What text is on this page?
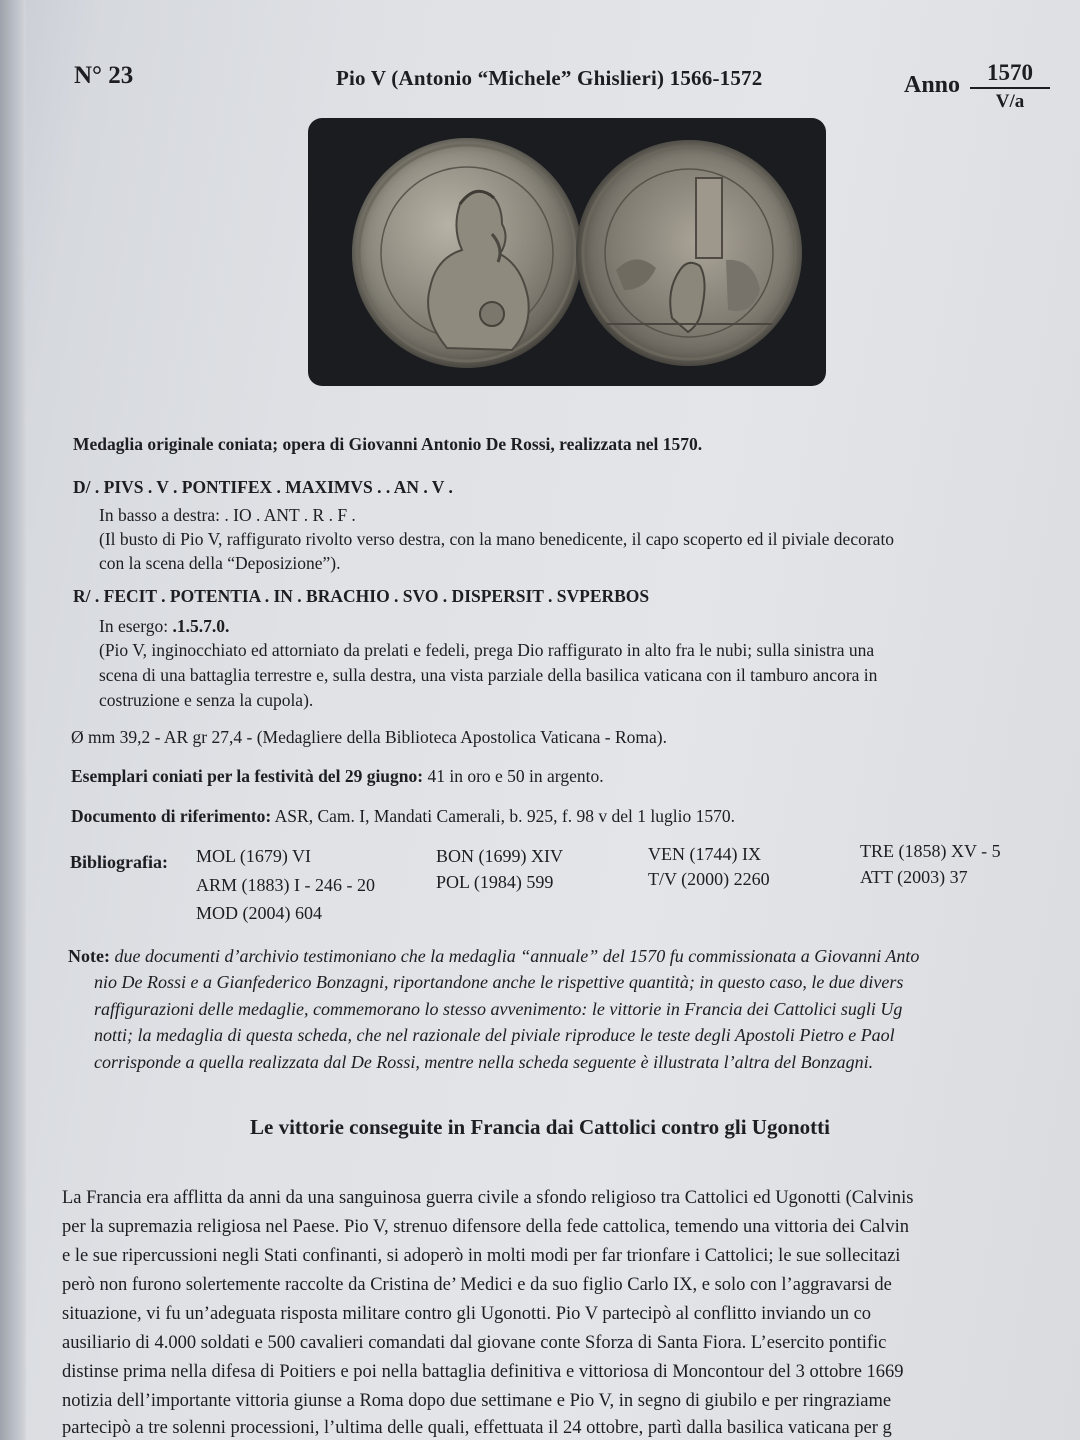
N° 23	Pio V (Antonio “Michele” Ghislieri) 1566-1572	Anno	1570
V/a
Medaglia originale coniata; opera di Giovanni Antonio De Rossi, realizzata nel 1570.
D/ . PIVS . V . PONTIFEX . MAXIMVS . . AN . V .
In basso a destra: . IO . ANT . R . F .
(Il busto di Pio V, raffigurato rivolto verso destra, con la mano benedicente, il capo scoperto ed il piviale decorato
con la scena della “Deposizione”).
R/ . FECIT . POTENTIA . IN . BRACHIO . SVO . DISPERSIT . SVPERBOS
In esergo: .1.5.7.0.
(Pio V, inginocchiato ed attorniato da prelati e fedeli, prega Dio raffigurato in alto fra le nubi; sulla sinistra una
scena di una battaglia terrestre e, sulla destra, una vista parziale della basilica vaticana con il tamburo ancora in
costruzione e senza la cupola).
Ø mm 39,2 - AR gr 27,4 - (Medagliere della Biblioteca Apostolica Vaticana - Roma).
Esemplari coniati per la festività del 29 giugno: 41 in oro e 50 in argento.
Documento di riferimento: ASR, Cam. I, Mandati Camerali, b. 925, f. 98 v del 1 luglio 1570.
Bibliografia: MOL (1679) VI
ARM (1883) I - 246 - 20
MOD (2004) 604
BON (1699) XIV
POL (1984) 599
VEN (1744) IX
T/V (2000) 2260
TRE (1858) XV - 5
ATT (2003) 37
Note: due documenti d’archivio testimoniano che la medaglia “annuale” del 1570 fu commissionata a Giovanni Anto
nio De Rossi e a Gianfederico Bonzagni, riportandone anche le rispettive quantità; in questo caso, le due divers
raffigurazioni delle medaglie, commemorano lo stesso avvenimento: le vittorie in Francia dei Cattolici sugli Ug
notti; la medaglia di questa scheda, che nel razionale del piviale riproduce le teste degli Apostoli Pietro e Paol
corrisponde a quella realizzata dal De Rossi, mentre nella scheda seguente è illustrata l’altra del Bonzagni.
Le vittorie conseguite in Francia dai Cattolici contro gli Ugonotti
La Francia era afflitta da anni da una sanguinosa guerra civile a sfondo religioso tra Cattolici ed Ugonotti (Calvinis
per la supremazia religiosa nel Paese. Pio V, strenuo difensore della fede cattolica, temendo una vittoria dei Calvin
e le sue ripercussioni negli Stati confinanti, si adoperò in molti modi per far trionfare i Cattolici; le sue sollecitazi
però non furono solertemente raccolte da Cristina de’ Medici e da suo figlio Carlo IX, e solo con l’aggravarsi de
situazione, vi fu un’adeguata risposta militare contro gli Ugonotti. Pio V partecipò al conflitto inviando un co
ausiliario di 4.000 soldati e 500 cavalieri comandati dal giovane conte Sforza di Santa Fiora. L’esercito pontific
distinse prima nella difesa di Poitiers e poi nella battaglia definitiva e vittoriosa di Moncontour del 3 ottobre 1669
notizia dell’importante vittoria giunse a Roma dopo due settimane e Pio V, in segno di giubilo e per ringraziame
partecipò a tre solenni processioni, l’ultima delle quali, effettuata il 24 ottobre, partì dalla basilica vaticana per g
